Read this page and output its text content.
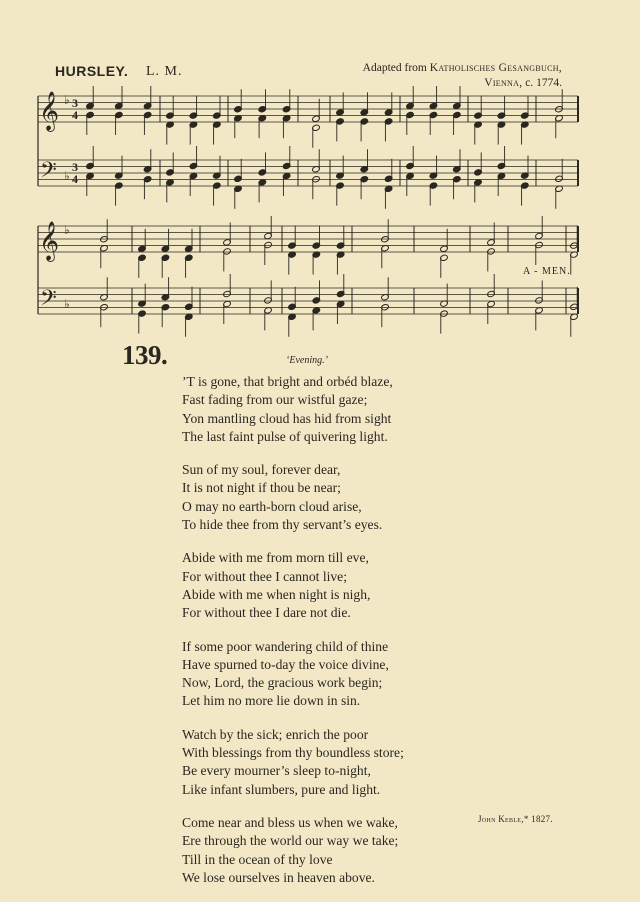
HURSLEY. L. M.	Adapted from Katholisches Gesangbuch,
Vienna, c. 1774.
𝄞
𝄢
♭
♭
3
4
3
4
𝄞
𝄢
♭
♭
A - MEN.
139.	‘Evening.’
’T is gone, that bright and orbéd blaze,
Fast fading from our wistful gaze;
Yon mantling cloud has hid from sight
The last faint pulse of quivering light.
Sun of my soul, forever dear,
It is not night if thou be near;
O may no earth-born cloud arise,
To hide thee from thy servant’s eyes.
Abide with me from morn till eve,
For without thee I cannot live;
Abide with me when night is nigh,
For without thee I dare not die.
If some poor wandering child of thine
Have spurned to-day the voice divine,
Now, Lord, the gracious work begin;
Let him no more lie down in sin.
Watch by the sick; enrich the poor
With blessings from thy boundless store;
Be every mourner’s sleep to-night,
Like infant slumbers, pure and light.
Come near and bless us when we wake,
Ere through the world our way we take;
Till in the ocean of thy love
We lose ourselves in heaven above.
John Keble,* 1827.
